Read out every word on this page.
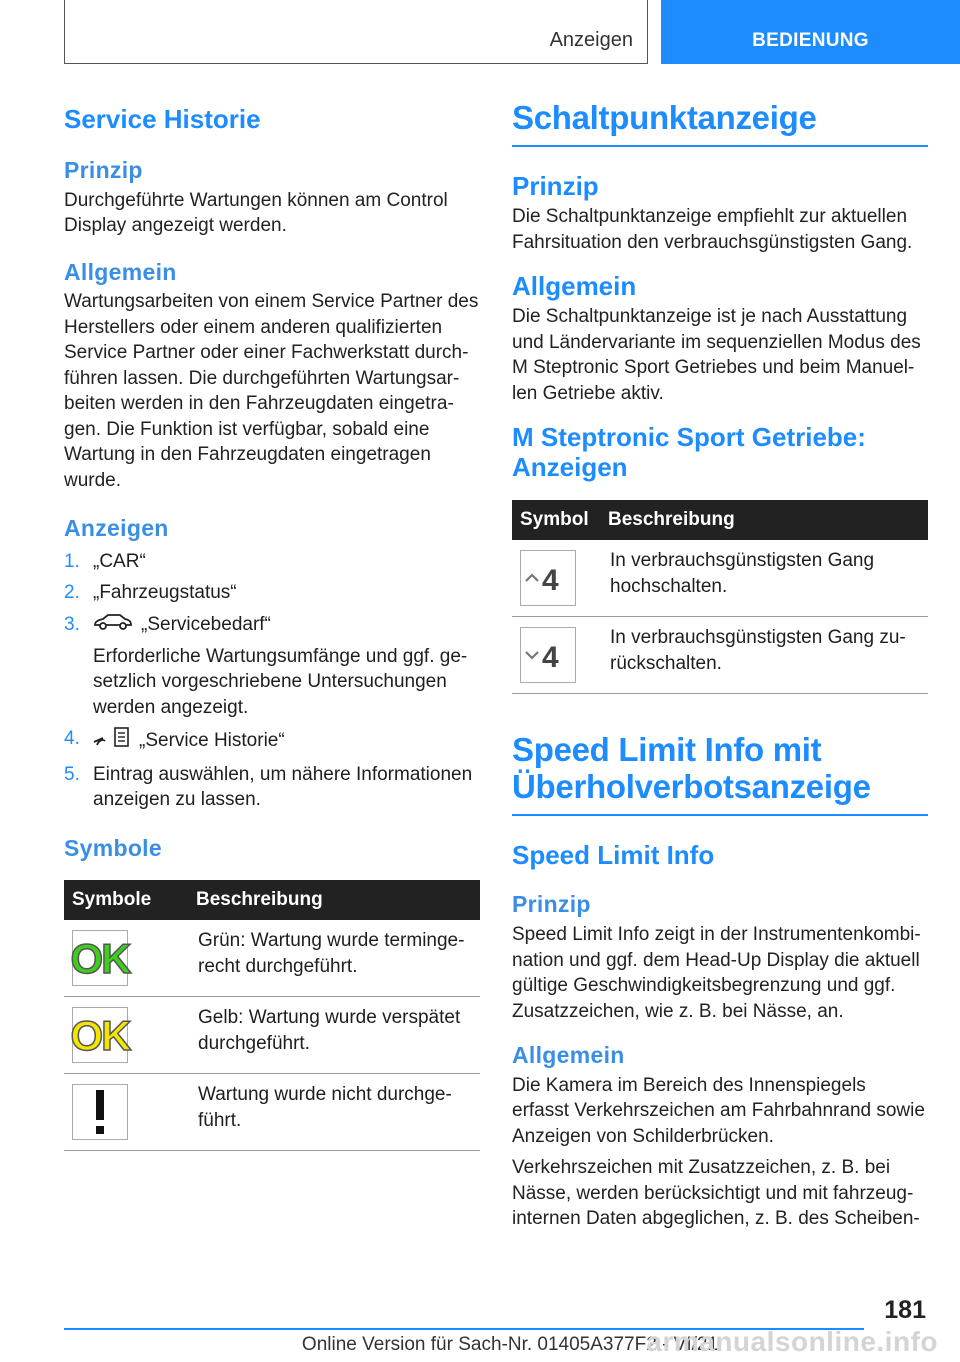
Anzeigen	BEDIENUNG
Service Historie
Prinzip

Durchgeführte Wartungen können am Control Display angezeigt werden.

Allgemein

Wartungsarbeiten von einem Service Partner des Herstellers oder einem anderen qualifizierten Service Partner oder einer Fachwerkstatt durchführen lassen. Die durchgeführten Wartungsarbeiten werden in den Fahrzeugdaten eingetragen. Die Funktion ist verfügbar, sobald eine Wartung in den Fahrzeugdaten eingetragen wurde.

Anzeigen
1. „CAR“
2. „Fahrzeugstatus“
3.	„Servicebedarf“
Erforderliche Wartungsumfänge und ggf. gesetzlich vorgeschriebene Untersuchungen werden angezeigt.
4.	„Service Historie“
5. Eintrag auswählen, um nähere Informationen anzeigen zu lassen.
Symbole
Symbole	Beschreibung

OK	Grün: Wartung wurde termingerecht durchgeführt.

OK	Gelb: Wartung wurde verspätet durchgeführt.

	Wartung wurde nicht durchgeführt.
Schaltpunktanzeige
Prinzip

Die Schaltpunktanzeige empfiehlt zur aktuellen Fahrsituation den verbrauchsgünstigsten Gang.

Allgemein

Die Schaltpunktanzeige ist je nach Ausstattung und Ländervariante im sequenziellen Modus des M Steptronic Sport Getriebes und beim Manuellen Getriebe aktiv.

M Steptronic Sport Getriebe: Anzeigen
Symbol	Beschreibung

4	In verbrauchsgünstigsten Gang hochschalten.

4	In verbrauchsgünstigsten Gang zurückschalten.
Speed Limit Info mit Überholverbotsanzeige
Speed Limit Info
Prinzip

Speed Limit Info zeigt in der Instrumentenkombination und ggf. dem Head-Up Display die aktuell gültige Geschwindigkeitsbegrenzung und ggf. Zusatzzeichen, wie z. B. bei Nässe, an.

Allgemein

Die Kamera im Bereich des Innenspiegels erfasst Verkehrszeichen am Fahrbahnrand sowie Anzeigen von Schilderbrücken.

Verkehrszeichen mit Zusatzzeichen, z. B. bei Nässe, werden berücksichtigt und mit fahrzeuginternen Daten abgeglichen, z. B. des Scheiben-

181
Online Version für Sach-Nr. 01405A377F2 - VI/21
armanualsonline.info
